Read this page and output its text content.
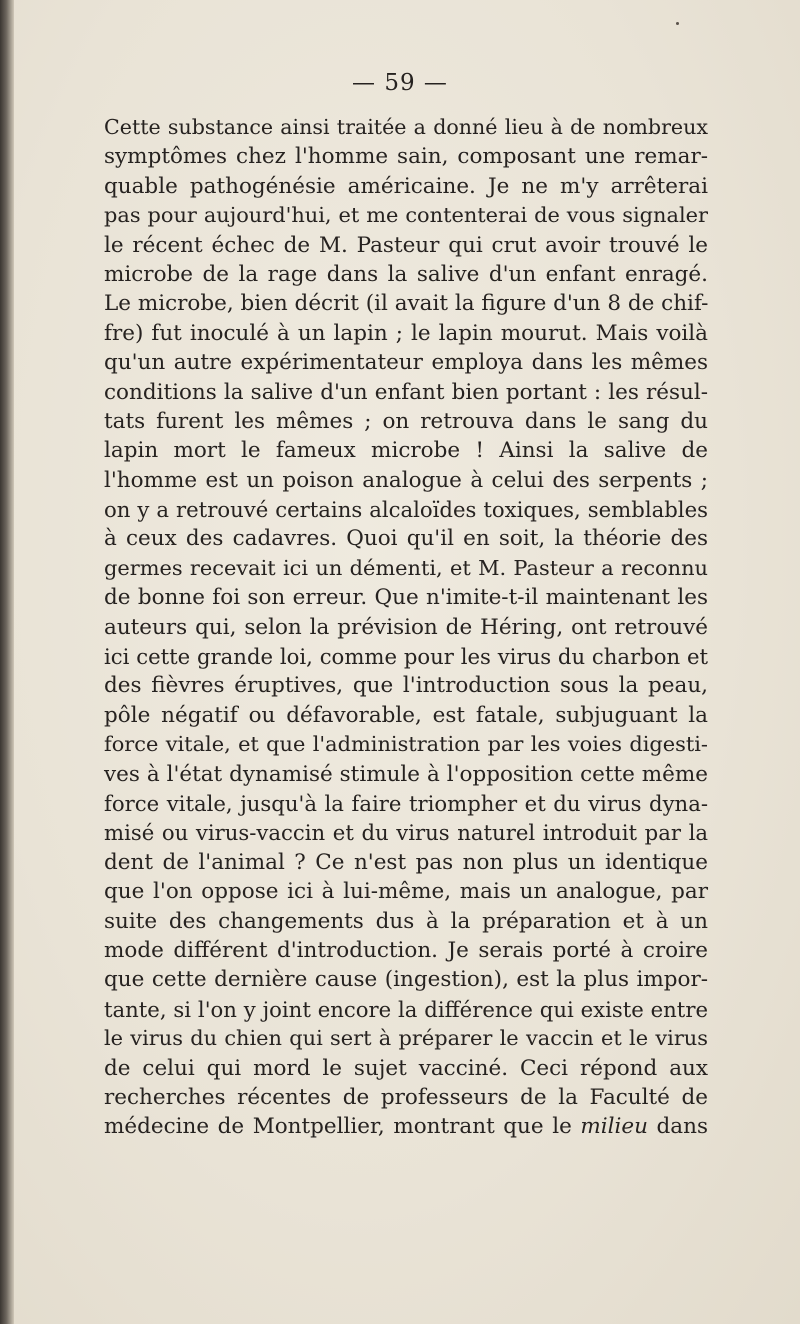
— 59 —
Cette substance ainsi traitée a donné lieu à de nombreux
symptômes chez l'homme sain, composant une remar-
quable pathogénésie américaine. Je ne m'y arrêterai
pas pour aujourd'hui, et me contenterai de vous signaler
le récent échec de M. Pasteur qui crut avoir trouvé le
microbe de la rage dans la salive d'un enfant enragé.
Le microbe, bien décrit (il avait la figure d'un 8 de chif-
fre) fut inoculé à un lapin ; le lapin mourut. Mais voilà
qu'un autre expérimentateur employa dans les mêmes
conditions la salive d'un enfant bien portant : les résul-
tats furent les mêmes ; on retrouva dans le sang du
lapin mort le fameux microbe ! Ainsi la salive de
l'homme est un poison analogue à celui des serpents ;
on y a retrouvé certains alcaloïdes toxiques, semblables
à ceux des cadavres. Quoi qu'il en soit, la théorie des
germes recevait ici un démenti, et M. Pasteur a reconnu
de bonne foi son erreur. Que n'imite-t-il maintenant les
auteurs qui, selon la prévision de Héring, ont retrouvé
ici cette grande loi, comme pour les virus du charbon et
des fièvres éruptives, que l'introduction sous la peau,
pôle négatif ou défavorable, est fatale, subjuguant la
force vitale, et que l'administration par les voies digesti-
ves à l'état dynamisé stimule à l'opposition cette même
force vitale, jusqu'à la faire triompher et du virus dyna-
misé ou virus-vaccin et du virus naturel introduit par la
dent de l'animal ? Ce n'est pas non plus un identique
que l'on oppose ici à lui-même, mais un analogue, par
suite des changements dus à la préparation et à un
mode différent d'introduction. Je serais porté à croire
que cette dernière cause (ingestion), est la plus impor-
tante, si l'on y joint encore la différence qui existe entre
le virus du chien qui sert à préparer le vaccin et le virus
de celui qui mord le sujet vacciné. Ceci répond aux
recherches récentes de professeurs de la Faculté de
médecine de Montpellier, montrant que le milieu dans
